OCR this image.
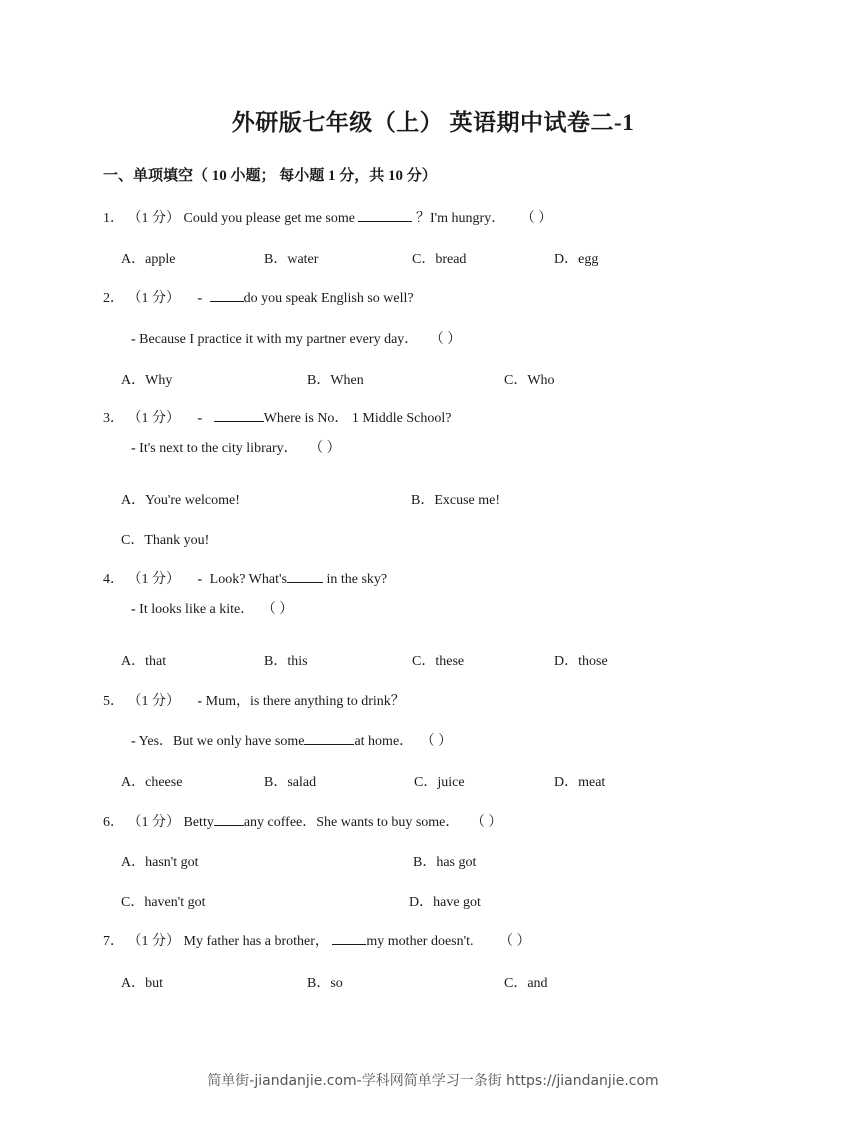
外研版七年级（上） 英语期中试卷二-1
一、单项填空（ 10 小题； 每小题 1 分，共 10 分）
1． （1 分） Could you please get me some	？I'm hungry． （ ）
A．apple	B．water	C．bread	D．egg
2． （1 分） -	do you speak English so well?
- Because I practice it with my partner every day． （ ）
A．Why	B．When	C．Who
3． （1 分） -	Where is No． 1 Middle School?
- It's next to the city library． （ ）
A．You're welcome!	B．Excuse me!
C．Thank you!
4． （1 分） - Look? What's	in the sky?
- It looks like a kite． （ ）
A．that	B．this	C．these	D．those
5． （1 分） - Mum，is there anything to drink？
- Yes．But we only have some	at home． （ ）
A．cheese	B．salad	C．juice	D．meat
6． （1 分） Betty any coffee．She wants to buy some． （ ）
A．hasn't got	B．has got
C．haven't got	D．have got
7． （1 分） My father has a brother，	my mother doesn't. （ ）
A．but	B．so	C．and
简单街-jiandanjie.com-学科网简单学习一条街 https://jiandanjie.com
